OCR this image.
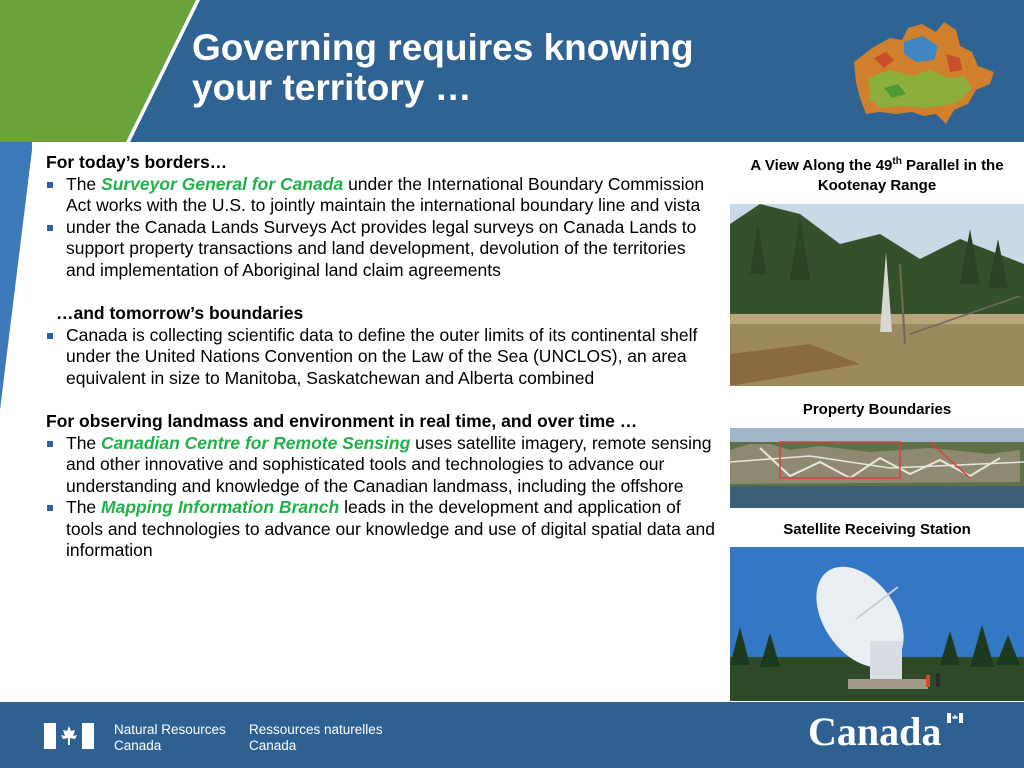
Governing requires knowing
your territory …

For today’s borders…

The Surveyor General for Canada under the International Boundary Commission Act works with the U.S. to jointly maintain the international boundary line and vista
under the Canada Lands Surveys Act provides legal surveys on Canada Lands to support property transactions and land development, devolution of the territories and implementation of Aboriginal land claim agreements

…and tomorrow’s boundaries

Canada is collecting scientific data to define the outer limits of its continental shelf under the United Nations Convention on the Law of the Sea (UNCLOS), an area equivalent in size to Manitoba, Saskatchewan and Alberta combined

For observing landmass and environment in real time, and over time …

The Canadian Centre for Remote Sensing uses satellite imagery, remote sensing and other innovative and sophisticated tools and technologies to advance our understanding and knowledge of the Canadian landmass, including the offshore
The Mapping Information Branch leads in the development and application of tools and technologies to advance our knowledge and use of digital spatial data and information
A View Along the 49th Parallel in the Kootenay Range
Property Boundaries
Satellite Receiving Station
Natural Resources
Canada
Ressources naturelles
Canada	Canada
